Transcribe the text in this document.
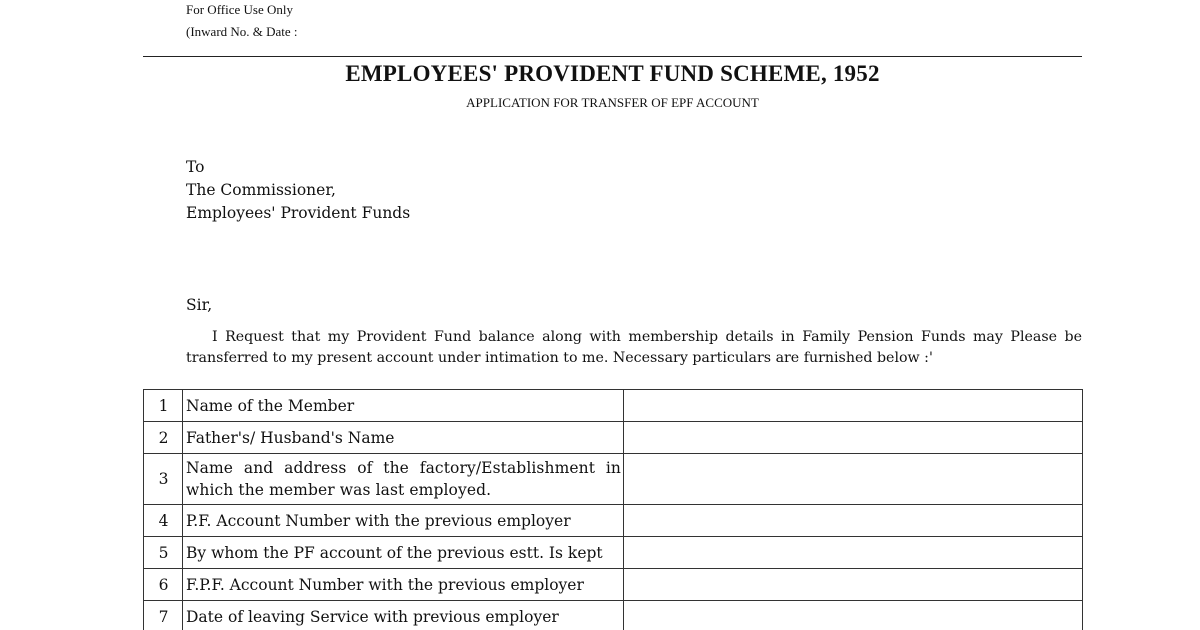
For Office Use Only
(Inward No. & Date :
EMPLOYEES' PROVIDENT FUND SCHEME, 1952
APPLICATION FOR TRANSFER OF EPF ACCOUNT
To
The Commissioner,
Employees' Provident Funds
Sir,
I Request that my Provident Fund balance along with membership details in Family Pension Funds may Please be transferred to my present account under intimation to me. Necessary particulars are furnished below :'
1	Name of the Member	
2	Father's/ Husband's Name	
3	Name and address of the factory/Establishment in which the member was last employed.	
4	P.F. Account Number with the previous employer	
5	By whom the PF account of the previous estt. Is kept	
6	F.P.F. Account Number with the previous employer	
7	Date of leaving Service with previous employer	
